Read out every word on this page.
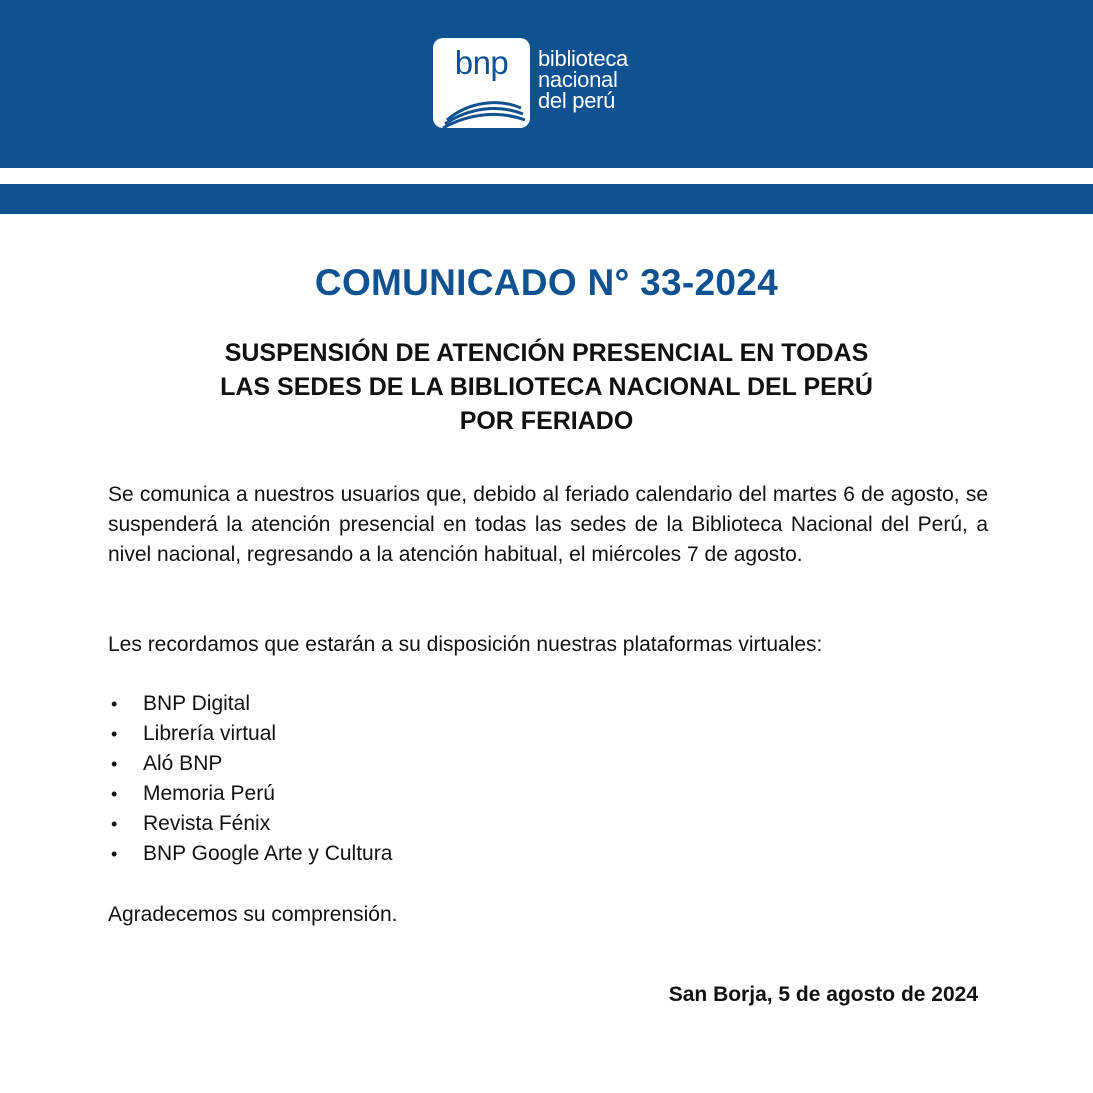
bnp	biblioteca
nacional
del perú
COMUNICADO N° 33-2024
SUSPENSIÓN DE ATENCIÓN PRESENCIAL EN TODAS
LAS SEDES DE LA BIBLIOTECA NACIONAL DEL PERÚ
POR FERIADO
Se comunica a nuestros usuarios que, debido al feriado calendario del martes 6 de agosto, se suspenderá la atención presencial en todas las sedes de la Biblioteca Nacional del Perú, a nivel nacional, regresando a la atención habitual, el miércoles 7 de agosto.
Les recordamos que estarán a su disposición nuestras plataformas virtuales:
• BNP Digital
• Librería virtual
• Aló BNP
• Memoria Perú
• Revista Fénix
• BNP Google Arte y Cultura
Agradecemos su comprensión.
San Borja, 5 de agosto de 2024
